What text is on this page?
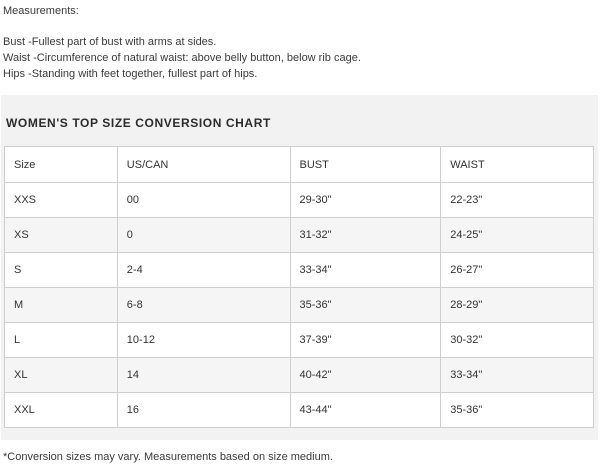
Measurements:

Bust -Fullest part of bust with arms at sides.

Waist -Circumference of natural waist: above belly button, below rib cage.

Hips -Standing with feet together, fullest part of hips.

WOMEN'S TOP SIZE CONVERSION CHART
Size	US/CAN	BUST	WAIST
XXS	00	29-30"	22-23"
XS	0	31-32"	24-25"
S	2-4	33-34"	26-27"
M	6-8	35-36"	28-29"
L	10-12	37-39"	30-32"
XL	14	40-42"	33-34"
XXL	16	43-44"	35-36"
*Conversion sizes may vary. Measurements based on size medium.
